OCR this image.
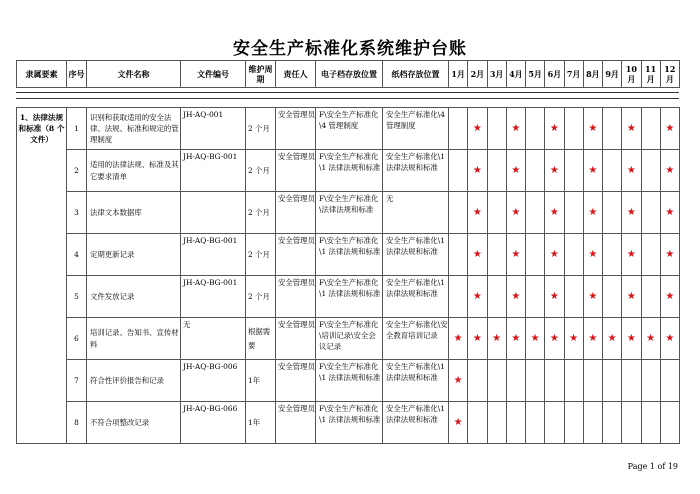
安全生产标准化系统维护台账
隶属要素	序号	文件名称	文件编号	维护周期	责任人	电子档存放位置	纸档存放位置	1月	2月	3月	4月	5月	6月	7月	8月	9月	10月	11月	12月
1、法律法规和标准（8 个文件）	1	识别和获取适用的安全法律、法规、标准和规定的管理制度	JH-AQ-001	2 个月	安全管理员	F\安全生产标准化\4 管理制度	安全生产标准化\4 管理制度		★		★		★		★		★		★
	2	适用的法律法规、标准及其它要求清单	JH-AQ-BG-001	2 个月	安全管理员	F\安全生产标准化\1 法律法规和标准	安全生产标准化\1 法律法规和标准		★		★		★		★		★		★
	3	法律文本数据库		2 个月	安全管理员	F\安全生产标准化\法律法规和标准	无		★		★		★		★		★		★
	4	定期更新记录	JH-AQ-BG-001	2 个月	安全管理员	F\安全生产标准化\1 法律法规和标准	安全生产标准化\1 法律法规和标准		★		★		★		★		★		★
	5	文件发放记录	JH-AQ-BG-001	2 个月	安全管理员	F\安全生产标准化\1 法律法规和标准	安全生产标准化\1 法律法规和标准		★		★		★		★		★		★
	6	培训记录、告知书、宣传材料	无	根据需要	安全管理员	F\安全生产标准化\培训记录\安全会议记录	安全生产标准化\安全教育培训记录	★	★	★	★	★	★	★	★	★	★	★	★
	7	符合性评价报告和记录	JH-AQ-BG-006	1年	安全管理员	F\安全生产标准化\1 法律法规和标准	安全生产标准化\1 法律法规和标准	★											
	8	不符合项整改记录	JH-AQ-BG-066	1年	安全管理员	F\安全生产标准化\1 法律法规和标准	安全生产标准化\1 法律法规和标准	★											
Page 1 of 19
